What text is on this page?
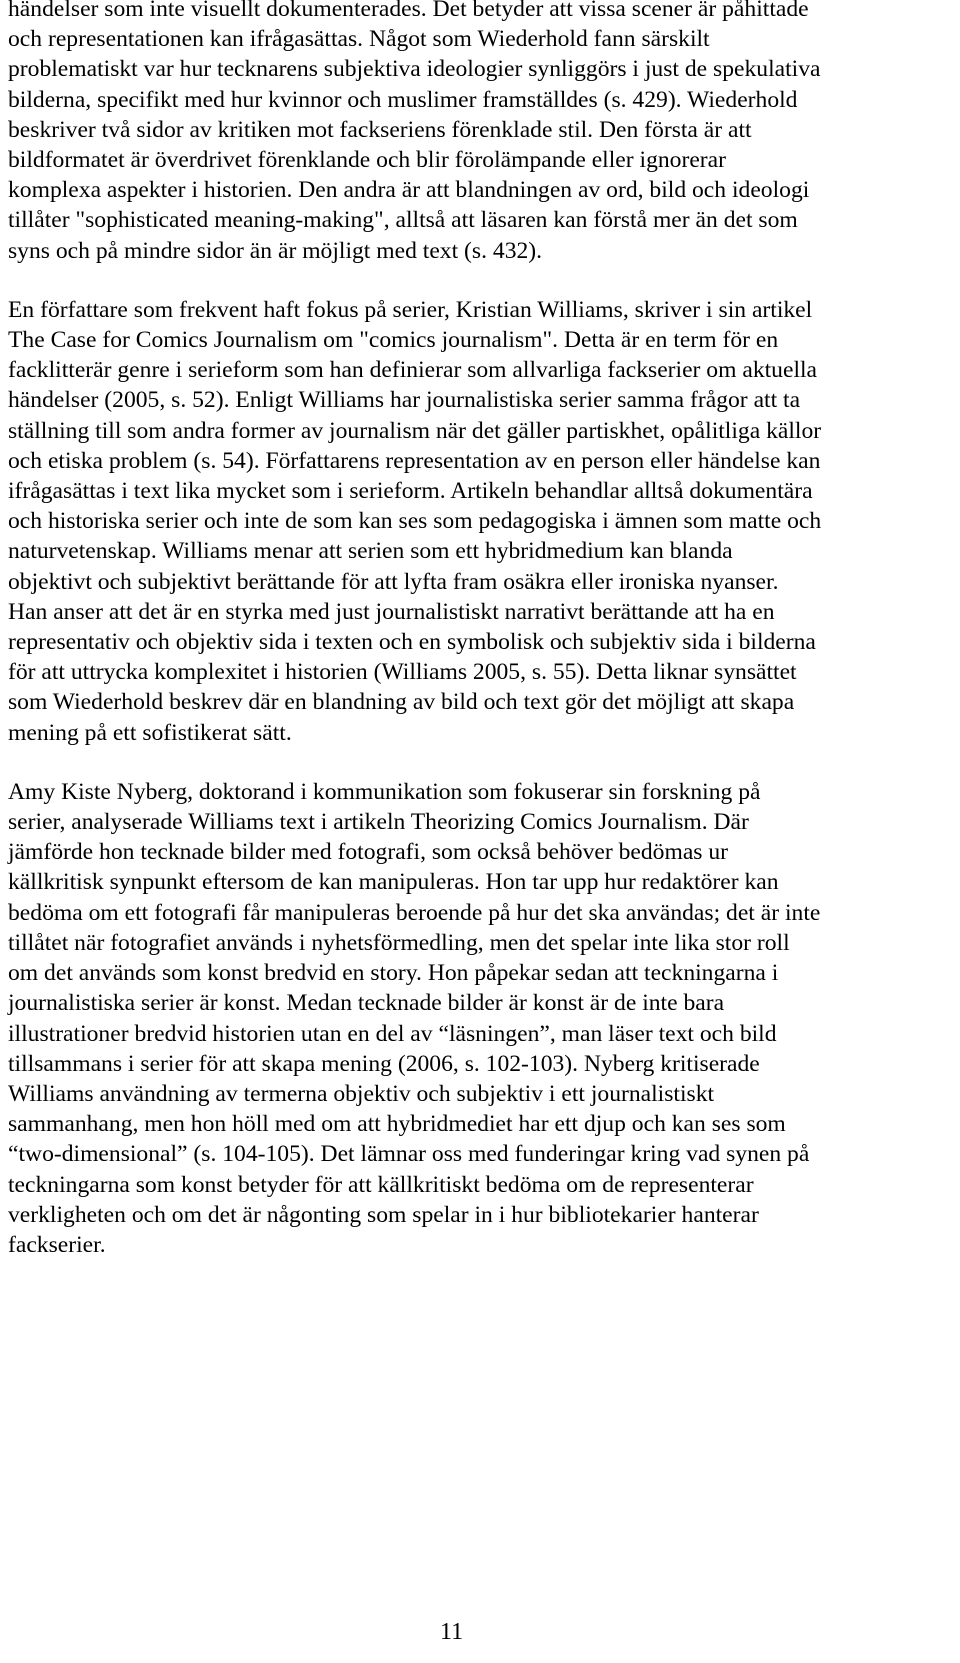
händelser som inte visuellt dokumenterades. Det betyder att vissa scener är påhittade
och representationen kan ifrågasättas. Något som Wiederhold fann särskilt
problematiskt var hur tecknarens subjektiva ideologier synliggörs i just de spekulativa
bilderna, specifikt med hur kvinnor och muslimer framställdes (s. 429). Wiederhold
beskriver två sidor av kritiken mot fackseriens förenklade stil. Den första är att
bildformatet är överdrivet förenklande och blir förolämpande eller ignorerar
komplexa aspekter i historien. Den andra är att blandningen av ord, bild och ideologi
tillåter "sophisticated meaning-making", alltså att läsaren kan förstå mer än det som
syns och på mindre sidor än är möjligt med text (s. 432).

En författare som frekvent haft fokus på serier, Kristian Williams, skriver i sin artikel
The Case for Comics Journalism om "comics journalism". Detta är en term för en
facklitterär genre i serieform som han definierar som allvarliga fackserier om aktuella
händelser (2005, s. 52). Enligt Williams har journalistiska serier samma frågor att ta
ställning till som andra former av journalism när det gäller partiskhet, opålitliga källor
och etiska problem (s. 54). Författarens representation av en person eller händelse kan
ifrågasättas i text lika mycket som i serieform. Artikeln behandlar alltså dokumentära
och historiska serier och inte de som kan ses som pedagogiska i ämnen som matte och
naturvetenskap. Williams menar att serien som ett hybridmedium kan blanda
objektivt och subjektivt berättande för att lyfta fram osäkra eller ironiska nyanser.
Han anser att det är en styrka med just journalistiskt narrativt berättande att ha en
representativ och objektiv sida i texten och en symbolisk och subjektiv sida i bilderna
för att uttrycka komplexitet i historien (Williams 2005, s. 55). Detta liknar synsättet
som Wiederhold beskrev där en blandning av bild och text gör det möjligt att skapa
mening på ett sofistikerat sätt.

Amy Kiste Nyberg, doktorand i kommunikation som fokuserar sin forskning på
serier, analyserade Williams text i artikeln Theorizing Comics Journalism. Där
jämförde hon tecknade bilder med fotografi, som också behöver bedömas ur
källkritisk synpunkt eftersom de kan manipuleras. Hon tar upp hur redaktörer kan
bedöma om ett fotografi får manipuleras beroende på hur det ska användas; det är inte
tillåtet när fotografiet används i nyhetsförmedling, men det spelar inte lika stor roll
om det används som konst bredvid en story. Hon påpekar sedan att teckningarna i
journalistiska serier är konst. Medan tecknade bilder är konst är de inte bara
illustrationer bredvid historien utan en del av “läsningen”, man läser text och bild
tillsammans i serier för att skapa mening (2006, s. 102-103). Nyberg kritiserade
Williams användning av termerna objektiv och subjektiv i ett journalistiskt
sammanhang, men hon höll med om att hybridmediet har ett djup och kan ses som
“two-dimensional” (s. 104-105). Det lämnar oss med funderingar kring vad synen på
teckningarna som konst betyder för att källkritiskt bedöma om de representerar
verkligheten och om det är någonting som spelar in i hur bibliotekarier hanterar
fackserier.

11
